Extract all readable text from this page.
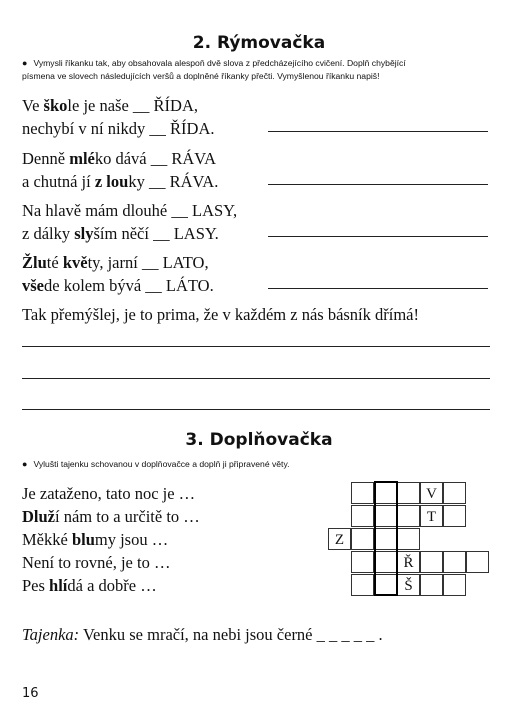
2. Rýmovačka
● Vymysli říkanku tak, aby obsahovala alespoň dvě slova z předcházejícího cvičení. Doplň chybějící
písmena ve slovech následujících veršů a doplněné říkanky přečti. Vymyšlenou říkanku napiš!
Ve škole je naše __ ŘÍDA,
nechybí v ní nikdy __ ŘÍDA.
Denně mléko dává __ RÁVA
a chutná jí z louky __ RÁVA.
Na hlavě mám dlouhé __ LASY,
z dálky slyším něčí __ LASY.
Žluté květy, jarní __ LATO,
všede kolem bývá __ LÁTO.
Tak přemýšlej, je to prima, že v každém z nás básník dřímá!
3. Doplňovačka
● Vylušti tajenku schovanou v doplňovačce a doplň ji připravené věty.
Je zataženo, tato noc je …
Dluží nám to a určitě to …
Měkké blumy jsou …
Není to rovné, je to …
Pes hlídá a dobře …
V
T
Z
Ř
Š
Tajenka: Venku se mračí, na nebi jsou černé _ _ _ _ _ .
16
